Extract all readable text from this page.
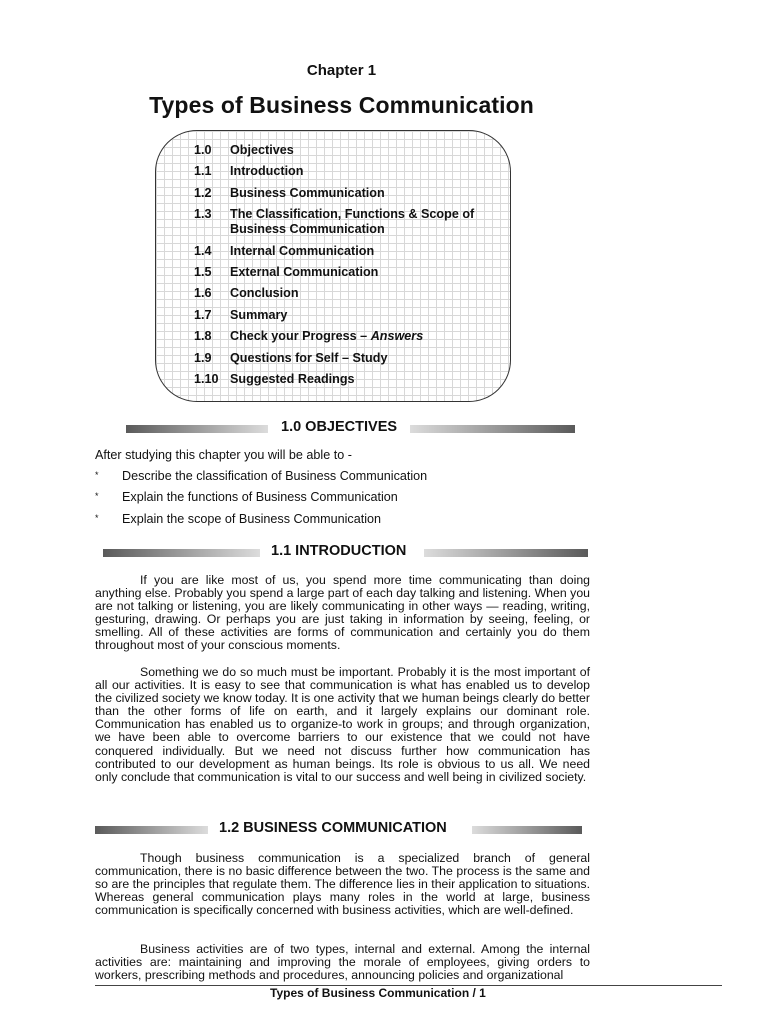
Chapter 1
Types of Business Communication
1.0	Objectives
1.1	Introduction
1.2	Business Communication
1.3	The Classification, Functions & Scope of Business Communication
1.4	Internal Communication
1.5	External Communication
1.6	Conclusion
1.7	Summary
1.8	Check your Progress – Answers
1.9	Questions for Self – Study
1.10 Suggested Readings
1.0 OBJECTIVES
After studying this chapter you will be able to -
*	Describe the classification of Business Communication
*	Explain the functions of Business Communication
*	Explain the scope of Business Communication
1.1 INTRODUCTION

If you are like most of us, you spend more time communicating than doing anything else. Probably you spend a large part of each day talking and listening. When you are not talking or listening, you are likely communicating in other ways — reading, writing, gesturing, drawing. Or perhaps you are just taking in information by seeing, feeling, or smelling. All of these activities are forms of communication and certainly you do them throughout most of your conscious moments.

Something we do so much must be important. Probably it is the most important of all our activities. It is easy to see that communication is what has enabled us to develop the civilized society we know today. It is one activity that we human beings clearly do better than the other forms of life on earth, and it largely explains our dominant role. Communication has enabled us to organize-to work in groups; and through organization, we have been able to overcome barriers to our existence that we could not have conquered individually. But we need not discuss further how communication has contributed to our development as human beings. Its role is obvious to us all. We need only conclude that communication is vital to our success and well being in civilized society.

1.2 BUSINESS COMMUNICATION

Though business communication is a specialized branch of general communication, there is no basic difference between the two. The process is the same and so are the principles that regulate them. The difference lies in their application to situations. Whereas general communication plays many roles in the world at large, business communication is specifically concerned with business activities, which are well-defined.

Business activities are of two types, internal and external. Among the internal activities are: maintaining and improving the morale of employees, giving orders to workers, prescribing methods and procedures, announcing policies and organizational

Types of Business Communication / 1
